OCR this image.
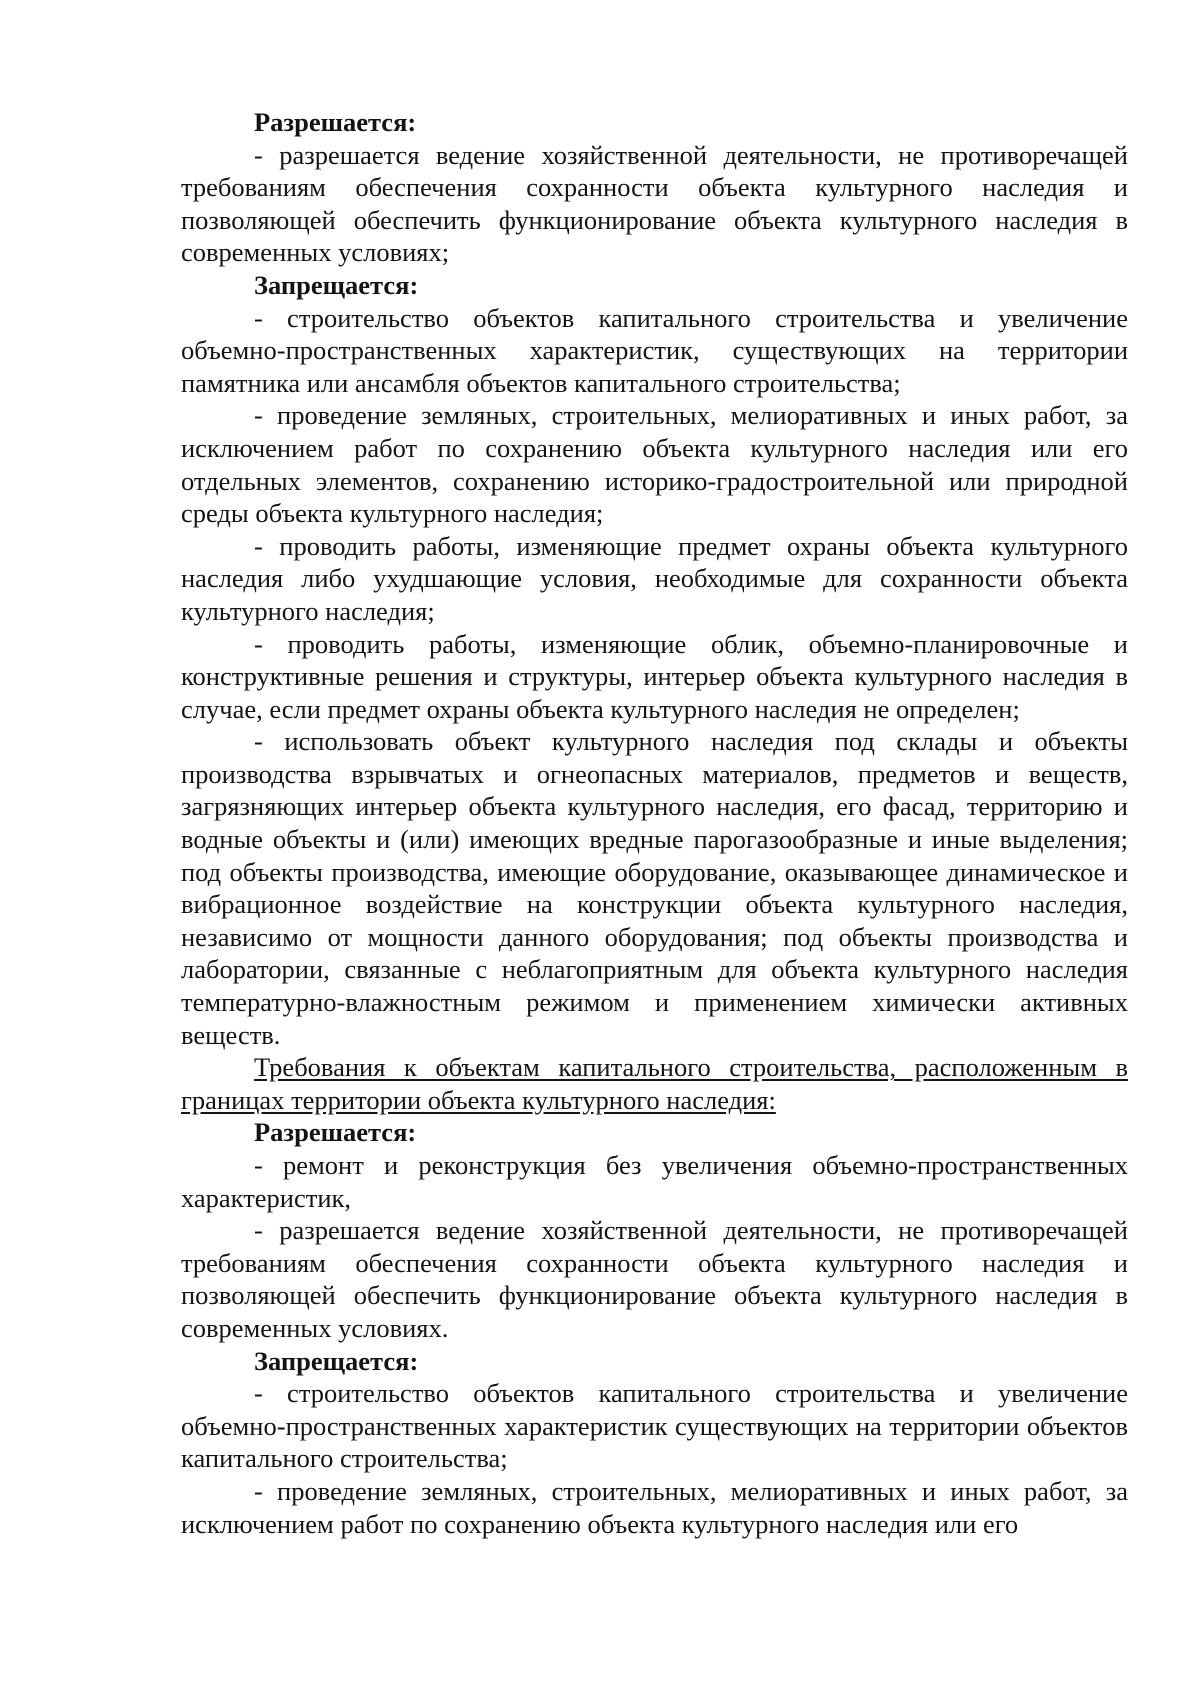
Разрешается:
- разрешается ведение хозяйственной деятельности, не противоречащей требованиям обеспечения сохранности объекта культурного наследия и позволяющей обеспечить функционирование объекта культурного наследия в современных условиях;
Запрещается:
- строительство объектов капитального строительства и увеличение объемно-пространственных характеристик, существующих на территории памятника или ансамбля объектов капитального строительства;
- проведение земляных, строительных, мелиоративных и иных работ, за исключением работ по сохранению объекта культурного наследия или его отдельных элементов, сохранению историко-градостроительной или природной среды объекта культурного наследия;
- проводить работы, изменяющие предмет охраны объекта культурного наследия либо ухудшающие условия, необходимые для сохранности объекта культурного наследия;
- проводить работы, изменяющие облик, объемно-планировочные и конструктивные решения и структуры, интерьер объекта культурного наследия в случае, если предмет охраны объекта культурного наследия не определен;
- использовать объект культурного наследия под склады и объекты производства взрывчатых и огнеопасных материалов, предметов и веществ, загрязняющих интерьер объекта культурного наследия, его фасад, территорию и водные объекты и (или) имеющих вредные парогазообразные и иные выделения; под объекты производства, имеющие оборудование, оказывающее динамическое и вибрационное воздействие на конструкции объекта культурного наследия, независимо от мощности данного оборудования; под объекты производства и лаборатории, связанные с неблагоприятным для объекта культурного наследия температурно-влажностным режимом и применением химически активных веществ.
Требования к объектам капитального строительства, расположенным в границах территории объекта культурного наследия:
Разрешается:
- ремонт и реконструкция без увеличения объемно-пространственных характеристик,
- разрешается ведение хозяйственной деятельности, не противоречащей требованиям обеспечения сохранности объекта культурного наследия и позволяющей обеспечить функционирование объекта культурного наследия в современных условиях.
Запрещается:
- строительство объектов капитального строительства и увеличение объемно-пространственных характеристик существующих на территории объектов капитального строительства;
- проведение земляных, строительных, мелиоративных и иных работ, за исключением работ по сохранению объекта культурного наследия или его
